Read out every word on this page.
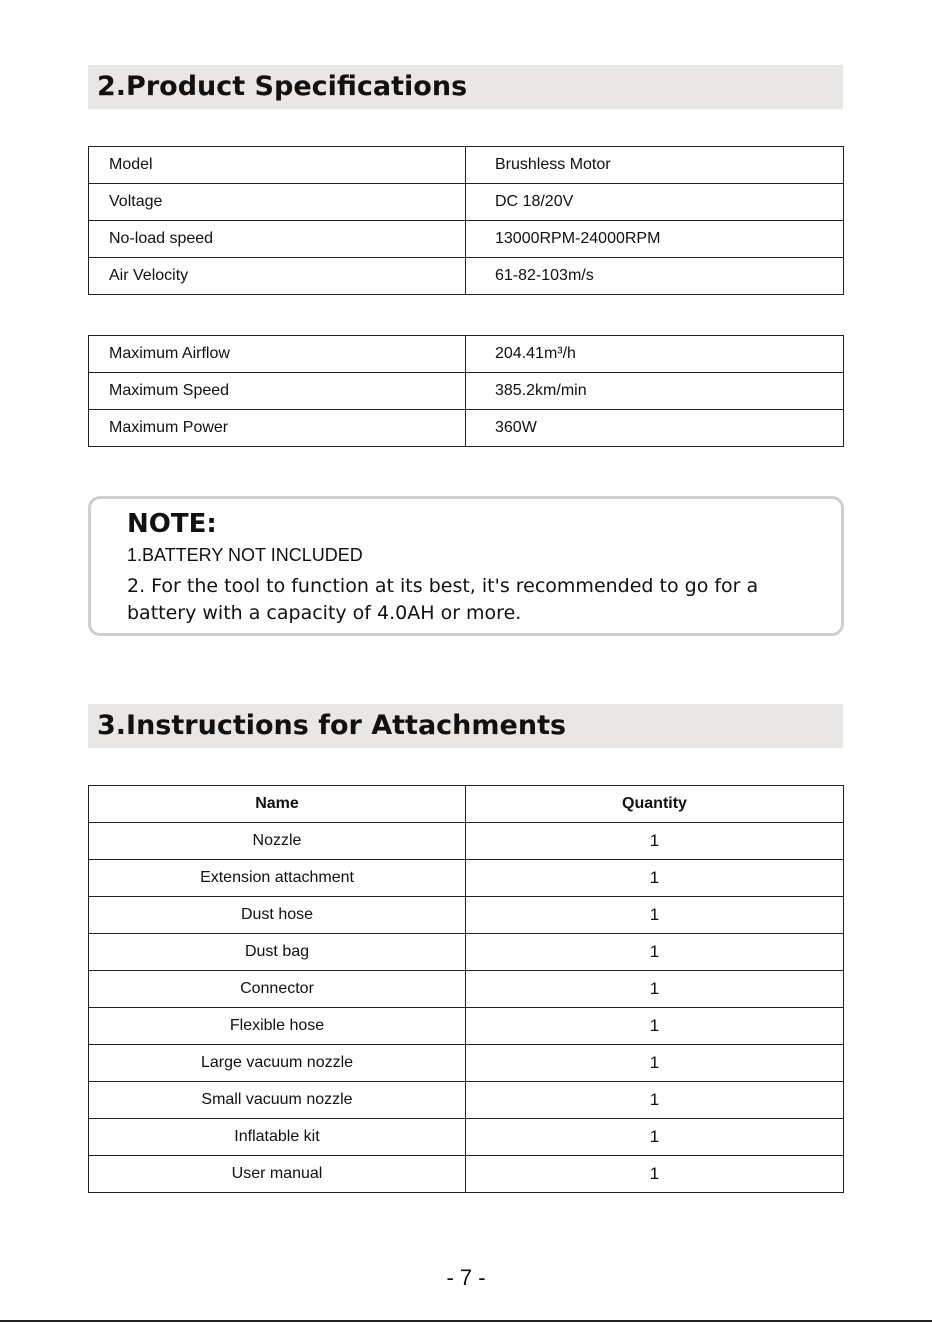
2.Product Specifications
Model	Brushless Motor
Voltage	DC 18/20V
No-load speed	13000RPM-24000RPM
Air Velocity	61-82-103m/s
Maximum Airflow	204.41m³/h
Maximum Speed	385.2km/min
Maximum Power	360W
NOTE:
1.BATTERY NOT INCLUDED
2. For the tool to function at its best, it's recommended to go for a battery with a capacity of 4.0AH or more.
3.Instructions for Attachments
Name	Quantity
Nozzle	1
Extension attachment	1
Dust hose	1
Dust bag	1
Connector	1
Flexible hose	1
Large vacuum nozzle	1
Small vacuum nozzle	1
Inflatable kit	1
User manual	1
- 7 -
